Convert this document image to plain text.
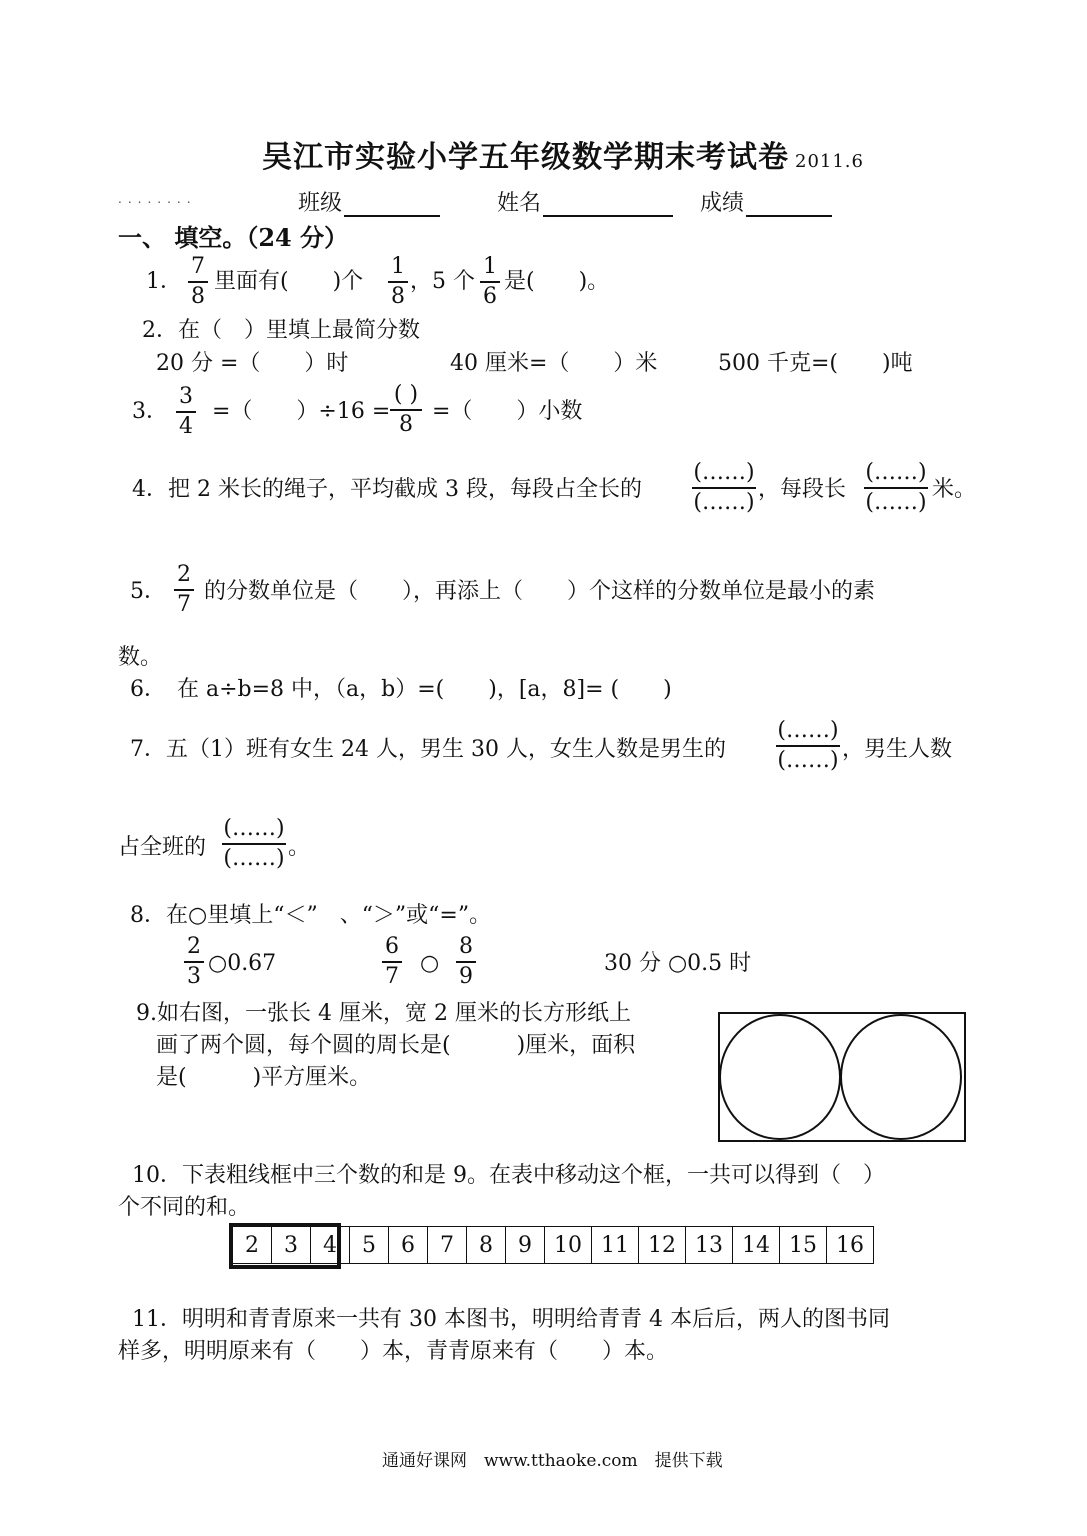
吴江市实验小学五年级数学期末考试卷 2011.6
........	班级	姓名	成绩
一、 填空。（24 分）
1．
7
8
里面有(　　)个
1
8
，5 个
1
6
是(　　)。
2．在（　）里填上最简分数
20 分 =（　　）时	40 厘米=（　　）米	500 千克=(　　)吨
3．
3
4
=（　　）÷16 =
( )
8
=（　　）小数
4．把 2 米长的绳子，平均截成 3 段，每段占全长的
(……)
(……)
，每段长
(……)
(……)
米。
5．
2
7
的分数单位是（　　），再添上（　　）个这样的分数单位是最小的素
数。
6．　在 a÷b=8 中，（a，b）=(　　)，[a，8]= (　　)
7．五（1）班有女生 24 人，男生 30 人，女生人数是男生的
(……)
(……) ，男生人数
占全班的
(……)
(……) 。
8．在○里填上“＜”　、“＞”或“=”。
2
3
○0.67
6
7
○
8
9
30 分 ○0.5 时
9.如右图，一张长 4 厘米，宽 2 厘米的长方形纸上
画了两个圆，每个圆的周长是(　　　)厘米，面积
是(　　　)平方厘米。
10．下表粗线框中三个数的和是 9。在表中移动这个框，一共可以得到（　）
个不同的和。
2	3	4	5	6	7	8	9	10	11	12	13	14	15	16
11．明明和青青原来一共有 30 本图书，明明给青青 4 本后后，两人的图书同
样多，明明原来有（　　）本，青青原来有（　　）本。
通通好课网　www.tthaoke.com　提供下载
